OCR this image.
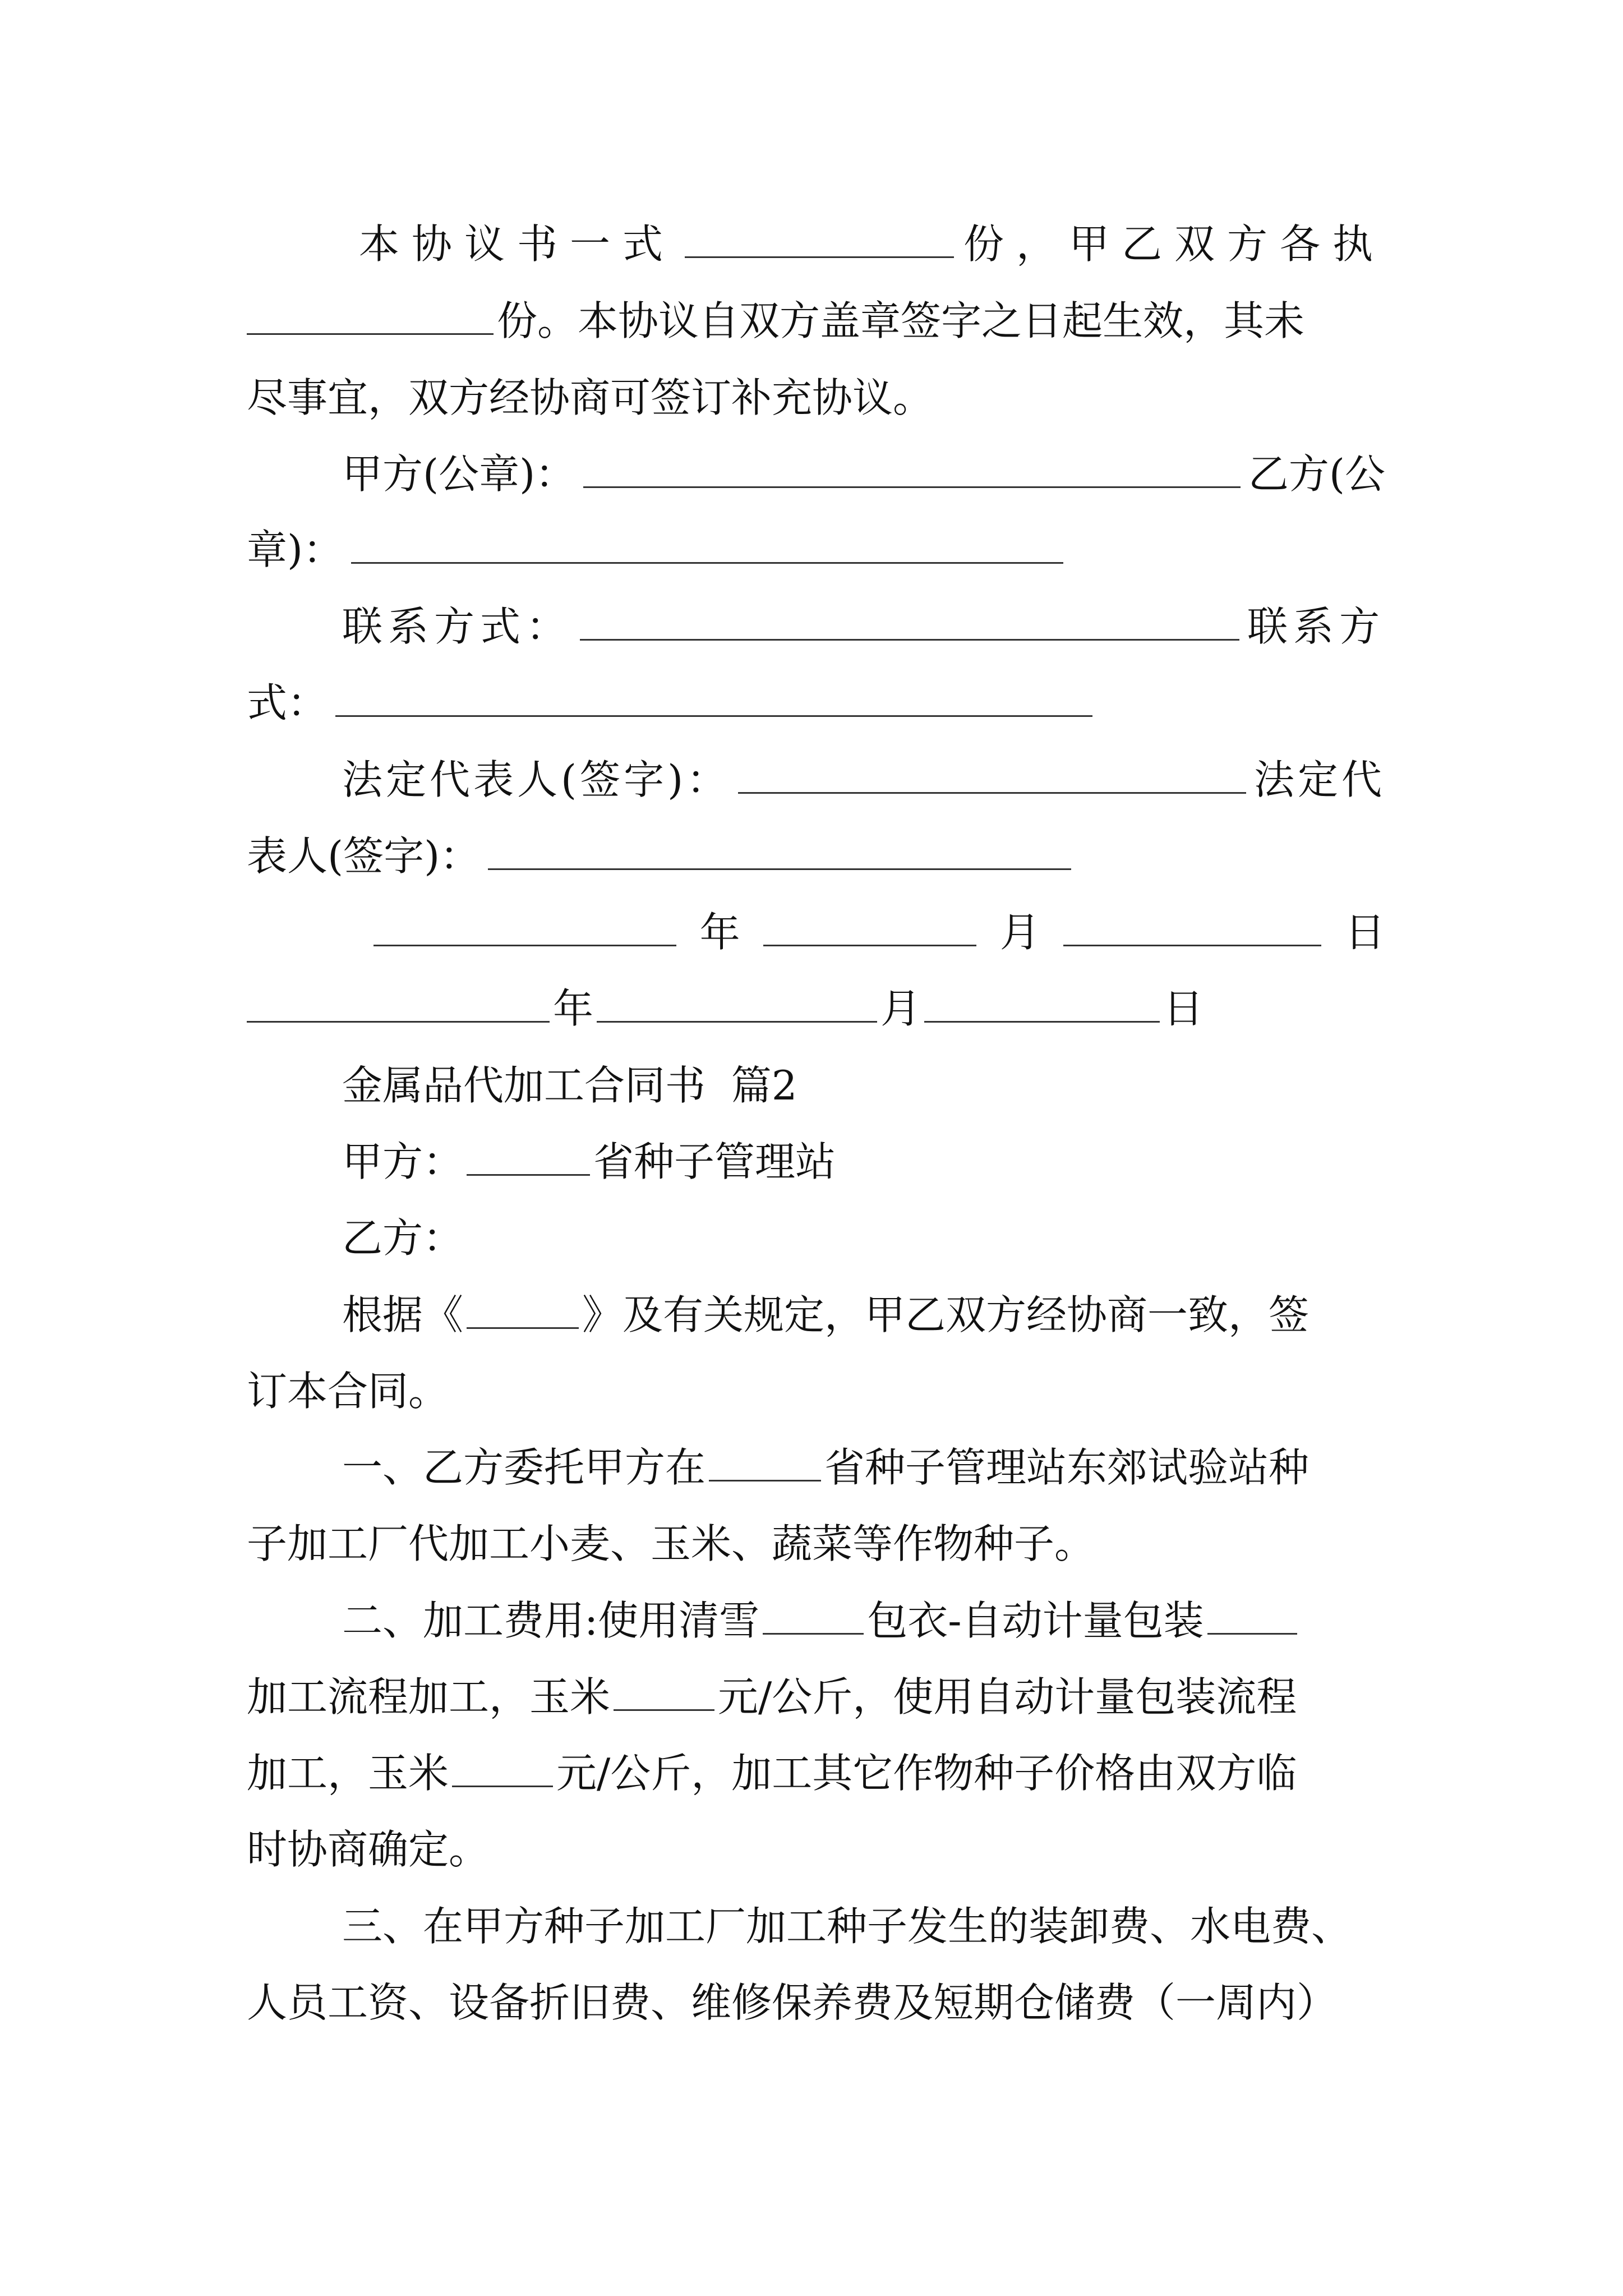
本协议书一式	份，甲乙双方各执
份。本协议自双方盖章签字之日起生效，其未
尽事宜，双方经协商可签订补充协议。
甲方(公章)：	乙方(公
章)：
联系方式：	联系方
式：
法定代表人(签字)：	法定代
表人(签字)：
年	月	日
年	月	日
金属品代加工合同书  篇2
甲方：	省种子管理站
乙方：
根据《	》及有关规定，甲乙双方经协商一致，签
订本合同。
一、乙方委托甲方在	省种子管理站东郊试验站种
子加工厂代加工小麦、玉米、蔬菜等作物种子。
二、加工费用:使用清雪	包衣-自动计量包装
加工流程加工，玉米	元/公斤，使用自动计量包装流程
加工，玉米	元/公斤，加工其它作物种子价格由双方临
时协商确定。
三、在甲方种子加工厂加工种子发生的装卸费、水电费、
人员工资、设备折旧费、维修保养费及短期仓储费（一周内）
